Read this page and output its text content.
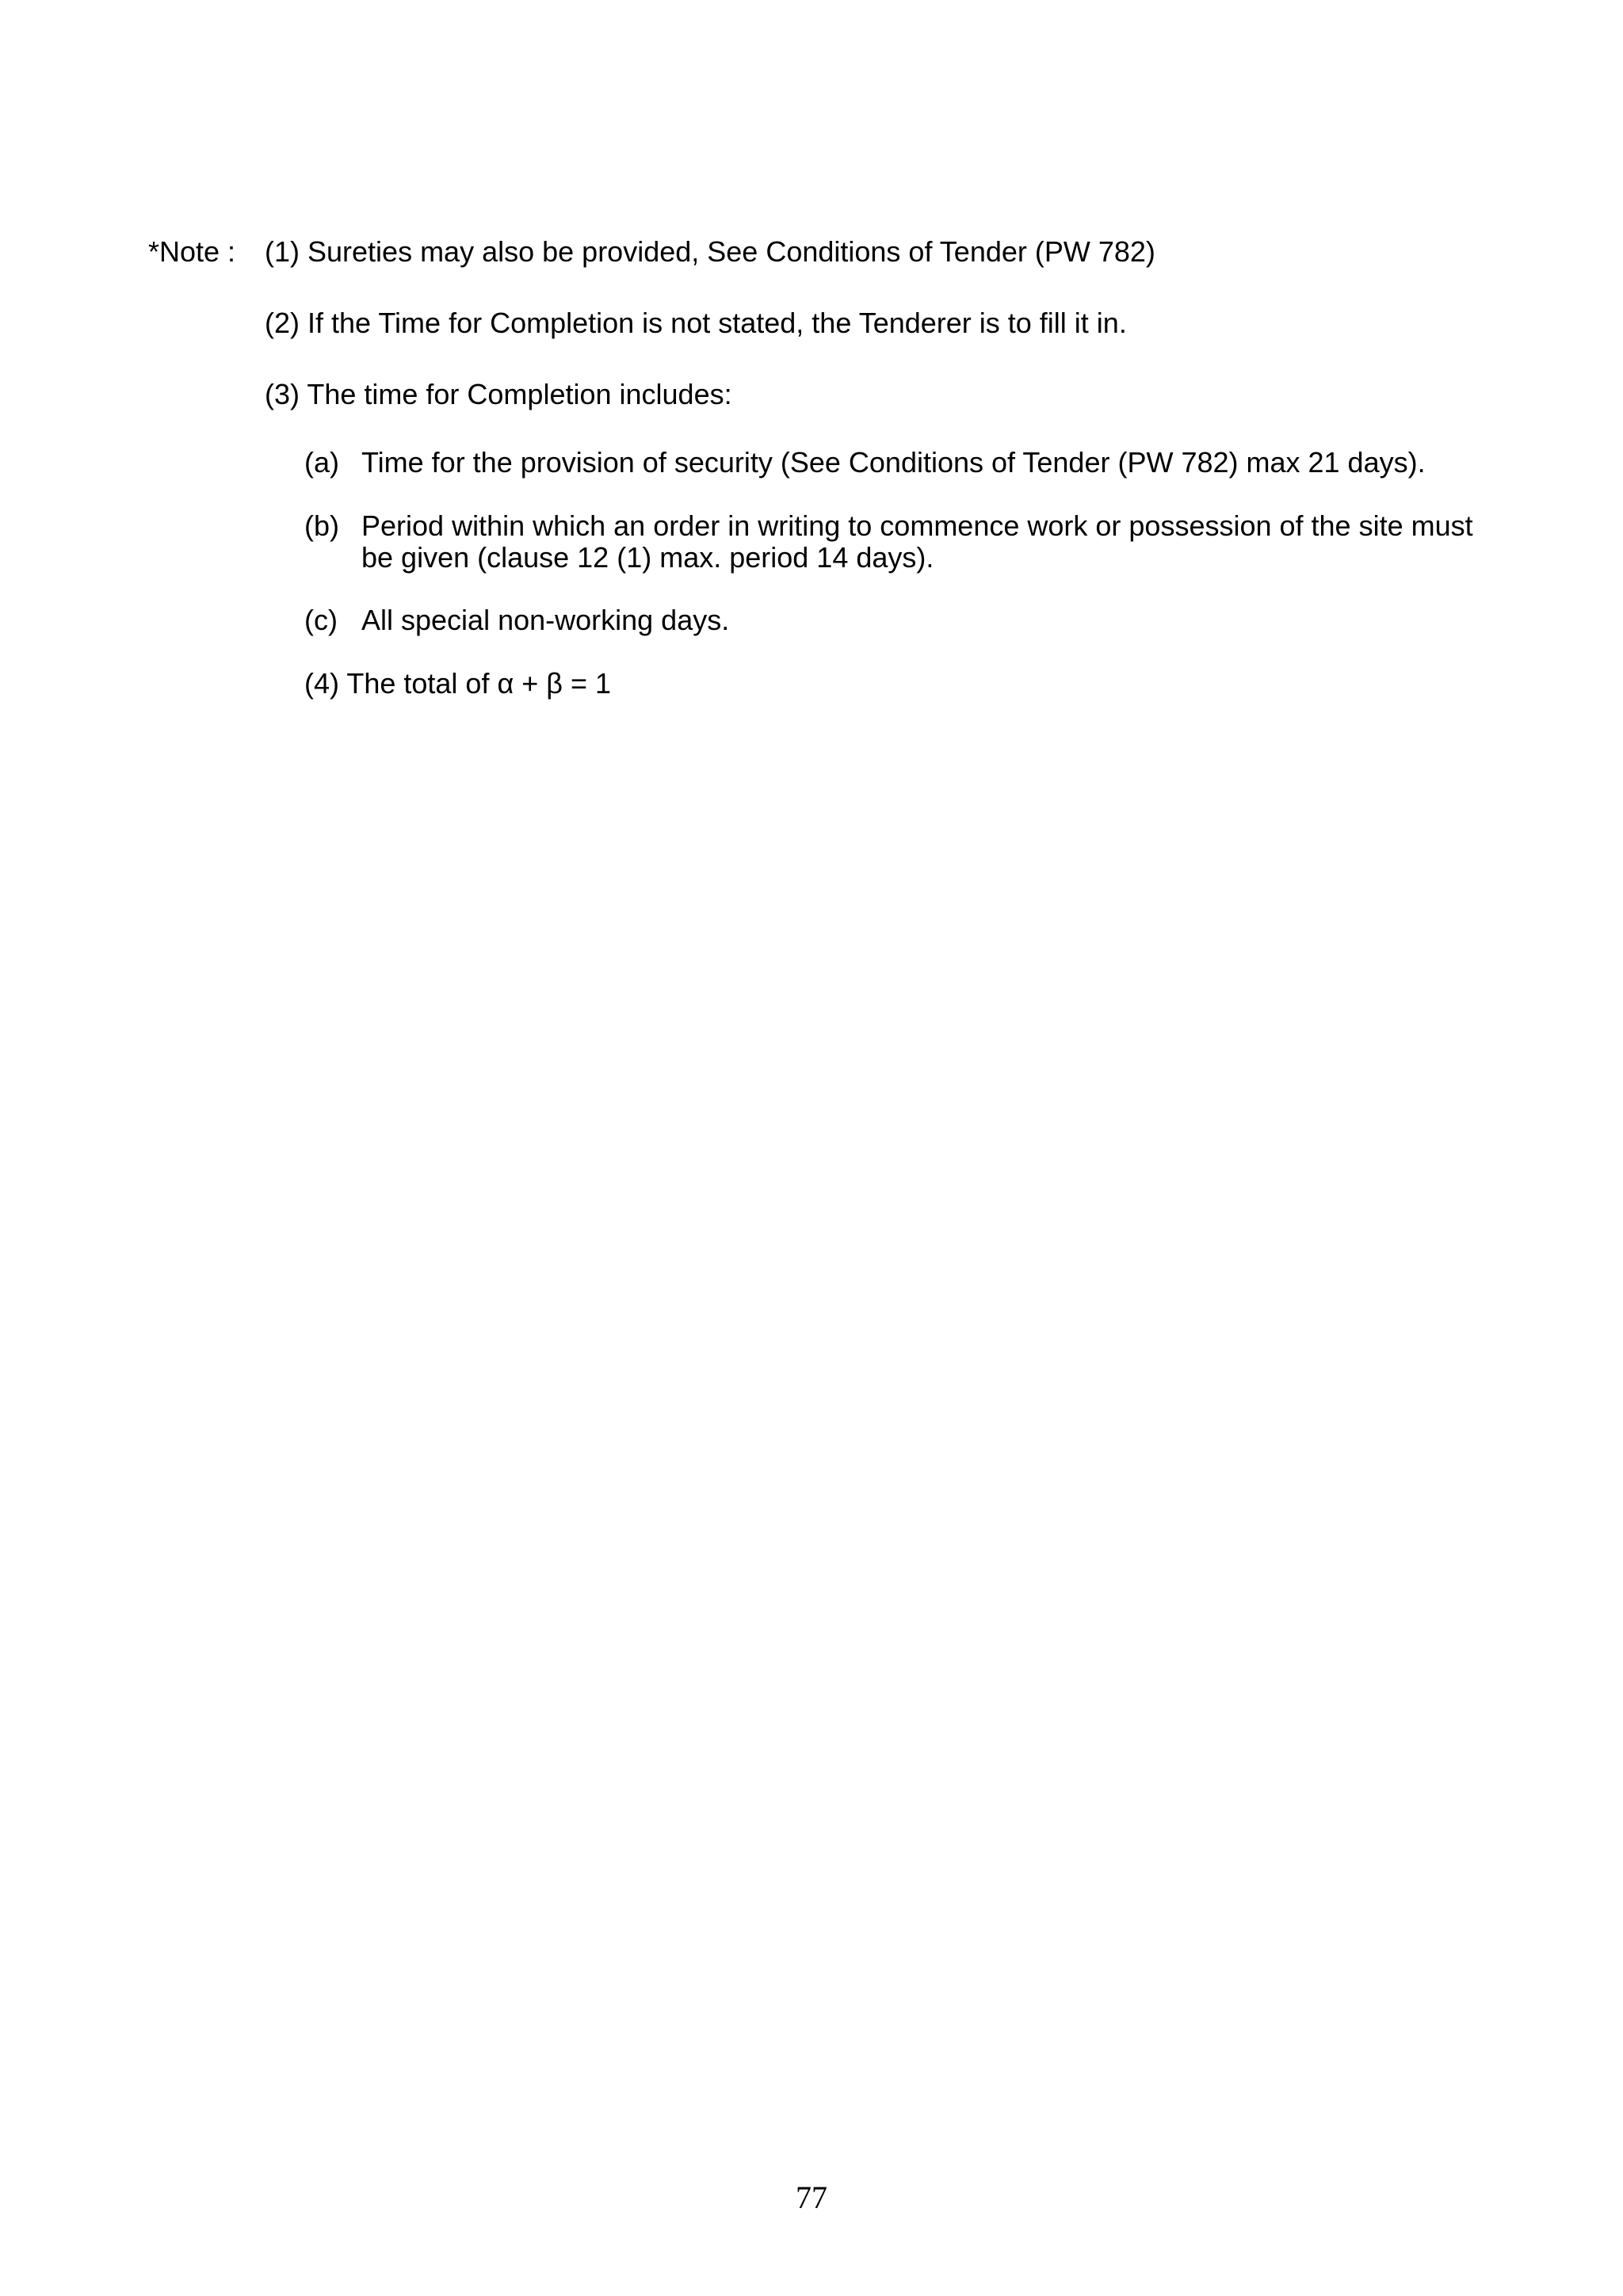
*Note : (1) Sureties may also be provided, See Conditions of Tender (PW 782)
(2) If the Time for Completion is not stated, the Tenderer is to fill it in.
(3) The time for Completion includes:
(a) Time for the provision of security (See Conditions of Tender (PW 782) max 21 days).
(b) Period within which an order in writing to commence work or possession of the site must
be given (clause 12 (1) max. period 14 days).
(c) All special non-working days.
(4) The total of α + β = 1
77
